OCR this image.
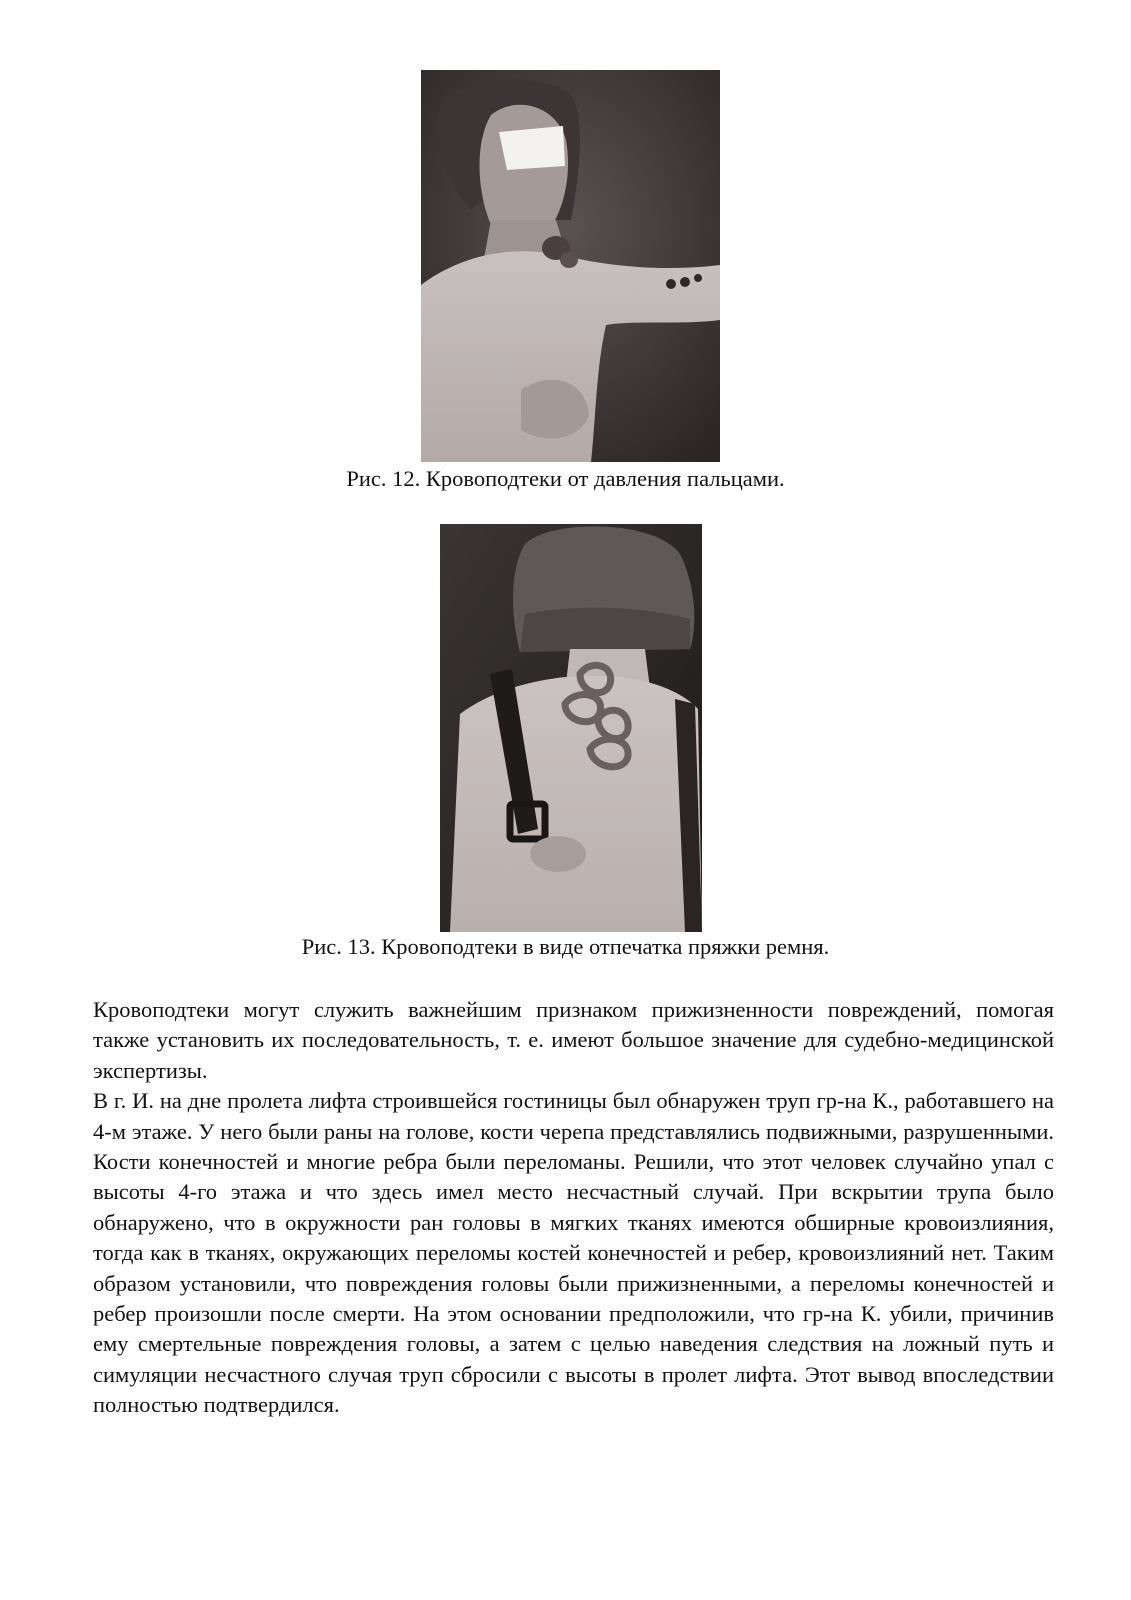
Рис. 12. Кровоподтеки от давления пальцами.
Рис. 13. Кровоподтеки в виде отпечатка пряжки ремня.

Кровоподтеки могут служить важнейшим признаком прижизненности повреждений, помогая также установить их последовательность, т. е. имеют большое значение для судебно-медицинской экспертизы.

В г. И. на дне пролета лифта строившейся гостиницы был обнаружен труп гр-на К., работавшего на 4-м этаже. У него были раны на голове, кости черепа представлялись подвижными, разрушенными. Кости конечностей и многие ребра были переломаны. Решили, что этот человек случайно упал с высоты 4-го этажа и что здесь имел место несчастный случай. При вскрытии трупа было обнаружено, что в окружности ран головы в мягких тканях имеются обширные кровоизлияния, тогда как в тканях, окружающих переломы костей конечностей и ребер, кровоизлияний нет. Таким образом установили, что повреждения головы были прижизненными, а переломы конечностей и ребер произошли после смерти. На этом основании предположили, что гр-на К. убили, причинив ему смертельные повреждения головы, а затем с целью наведения следствия на ложный путь и симуляции несчастного случая труп сбросили с высоты в пролет лифта. Этот вывод впоследствии полностью подтвердился.
